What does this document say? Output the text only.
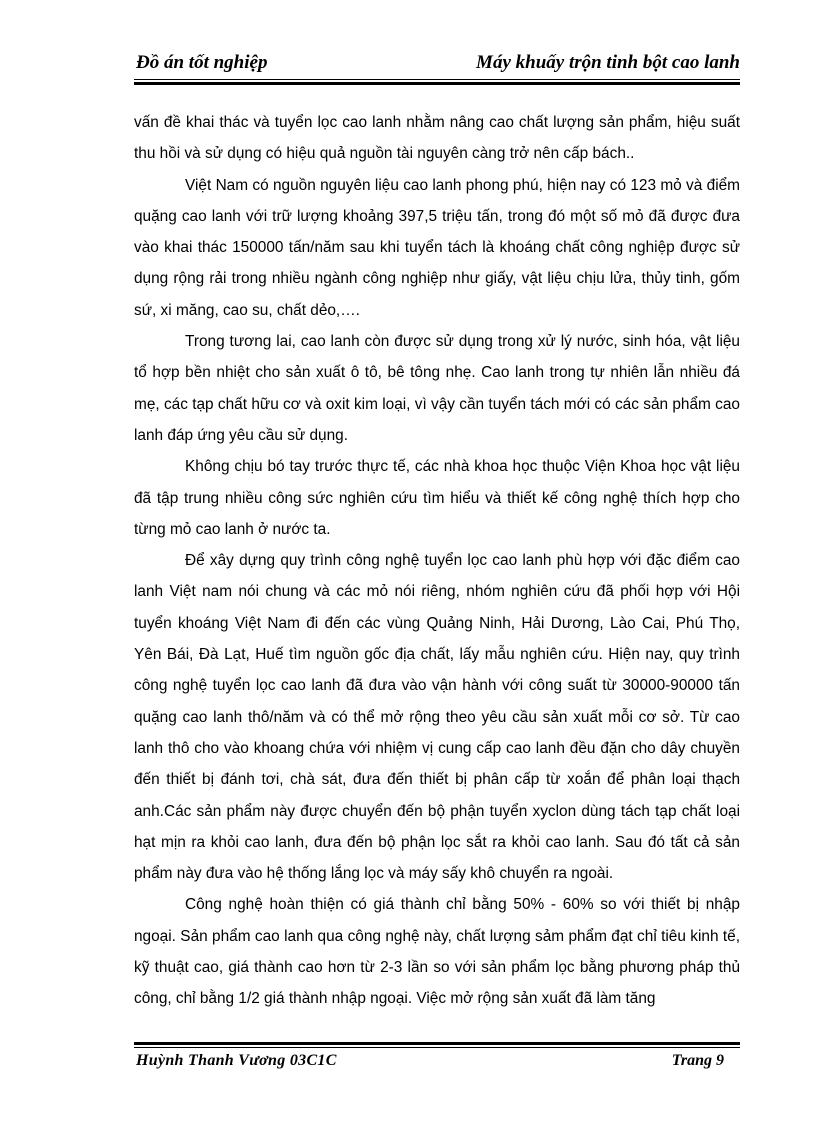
Đồ án tốt nghiệp	Máy khuấy trộn tinh bột cao lanh

vấn đề khai thác và tuyển lọc cao lanh nhằm nâng cao chất lượng sản phẩm, hiệu suất thu hồi và sử dụng có hiệu quả nguồn tài nguyên càng trở nên cấp bách..

Việt Nam có nguồn nguyên liệu cao lanh phong phú, hiện nay có 123 mỏ và điểm quặng cao lanh với trữ lượng khoảng 397,5 triệu tấn, trong đó một số mỏ đã được đưa vào khai thác 150000 tấn/năm sau khi tuyển tách là khoáng chất công nghiệp được sử dụng rộng rải trong nhiều ngành công nghiệp như giấy, vật liệu chịu lửa, thủy tinh, gốm sứ, xi măng, cao su, chất dẻo,….

Trong tương lai, cao lanh còn được sử dụng trong xử lý nước, sinh hóa, vật liệu tổ hợp bền nhiệt cho sản xuất ô tô, bê tông nhẹ. Cao lanh trong tự nhiên lẫn nhiều đá mẹ, các tạp chất hữu cơ và oxit kim loại, vì vậy cần tuyển tách mới có các sản phẩm cao lanh đáp ứng yêu cầu sử dụng.

Không chịu bó tay trước thực tế, các nhà khoa học thuộc Viện Khoa học vật liệu đã tập trung nhiều công sức nghiên cứu tìm hiểu và thiết kế công nghệ thích hợp cho từng mỏ cao lanh ở nước ta.

Để xây dựng quy trình công nghệ tuyển lọc cao lanh phù hợp với đặc điểm cao lanh Việt nam nói chung và các mỏ nói riêng, nhóm nghiên cứu đã phối hợp với Hội tuyển khoáng Việt Nam đi đến các vùng Quảng Ninh, Hải Dương, Lào Cai, Phú Thọ, Yên Bái, Đà Lạt, Huế tìm nguồn gốc địa chất, lấy mẫu nghiên cứu. Hiện nay, quy trình công nghệ tuyển lọc cao lanh đã đưa vào vận hành với công suất từ 30000-90000 tấn quặng cao lanh thô/năm và có thể mở rộng theo yêu cầu sản xuất mỗi cơ sở. Từ cao lanh thô cho vào khoang chứa với nhiệm vị cung cấp cao lanh đều đặn cho dây chuyền đến thiết bị đánh tơi, chà sát, đưa đến thiết bị phân cấp từ xoắn để phân loại thạch anh.Các sản phẩm này được chuyển đến bộ phận tuyển xyclon dùng tách tạp chất loại hạt mịn ra khỏi cao lanh, đưa đến bộ phận lọc sắt ra khỏi cao lanh. Sau đó tất cả sản phẩm này đưa vào hệ thống lắng lọc và máy sấy khô chuyển ra ngoài.

Công nghệ hoàn thiện có giá thành chỉ bằng 50% - 60% so với thiết bị nhập ngoại. Sản phẩm cao lanh qua công nghệ này, chất lượng sảm phẩm đạt chỉ tiêu kinh tế, kỹ thuật cao, giá thành cao hơn từ 2-3 lần so với sản phẩm lọc bằng phương pháp thủ công, chỉ bằng 1/2 giá thành nhập ngoại. Việc mở rộng sản xuất đã làm tăng

Huỳnh Thanh Vương 03C1C	Trang 9
